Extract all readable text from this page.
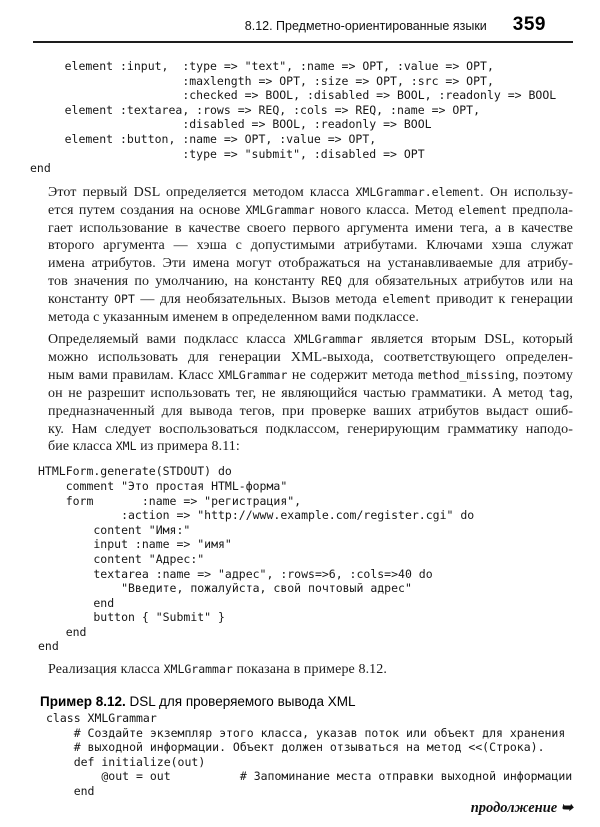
8.12. Предметно-ориентированные языки 359
element :input,  :type => "text", :name => OPT, :value => OPT,
:maxlength => OPT, :size => OPT, :src => OPT,
:checked => BOOL, :disabled => BOOL, :readonly => BOOL
element :textarea, :rows => REQ, :cols => REQ, :name => OPT,
:disabled => BOOL, :readonly => BOOL
element :button, :name => OPT, :value => OPT,
:type => "submit", :disabled => OPT
end
Этот первый DSL определяется методом класса XMLGrammar.element. Он использу-
ется путем создания на основе XMLGrammar нового класса. Метод element предпола-
гает использование в качестве своего первого аргумента имени тега, а в качестве
второго аргумента — хэша с допустимыми атрибутами. Ключами хэша служат
имена атрибутов. Эти имена могут отображаться на устанавливаемые для атрибу-
тов значения по умолчанию, на константу REQ для обязательных атрибутов или на
константу OPT — для необязательных. Вызов метода element приводит к генерации
метода с указанным именем в определенном вами подклассе.
Определяемый вами подкласс класса XMLGrammar является вторым DSL, который
можно использовать для генерации XML-выхода, соответствующего определен-
ным вами правилам. Класс XMLGrammar не содержит метода method_missing, поэтому
он не разрешит использовать тег, не являющийся частью грамматики. А метод tag,
предназначенный для вывода тегов, при проверке ваших атрибутов выдаст ошиб-
ку. Нам следует воспользоваться подклассом, генерирующим грамматику наподо-
бие класса XML из примера 8.11:
HTMLForm.generate(STDOUT) do
comment "Это простая HTML-форма"
form       :name => "регистрация",
:action => "http://www.example.com/register.cgi" do
content "Имя:"
input :name => "имя"
content "Адрес:"
textarea :name => "адрес", :rows=>6, :cols=>40 do
"Введите, пожалуйста, свой почтовый адрес"
end
button { "Submit" }
end
end
Реализация класса XMLGrammar показана в примере 8.12.
Пример 8.12. DSL для проверяемого вывода XML
class XMLGrammar
# Создайте экземпляр этого класса, указав поток или объект для хранения
# выходной информации. Объект должен отзываться на метод <<(Строка).
def initialize(out)
@out = out          # Запоминание места отправки выходной информации
end
продолжение ➥
